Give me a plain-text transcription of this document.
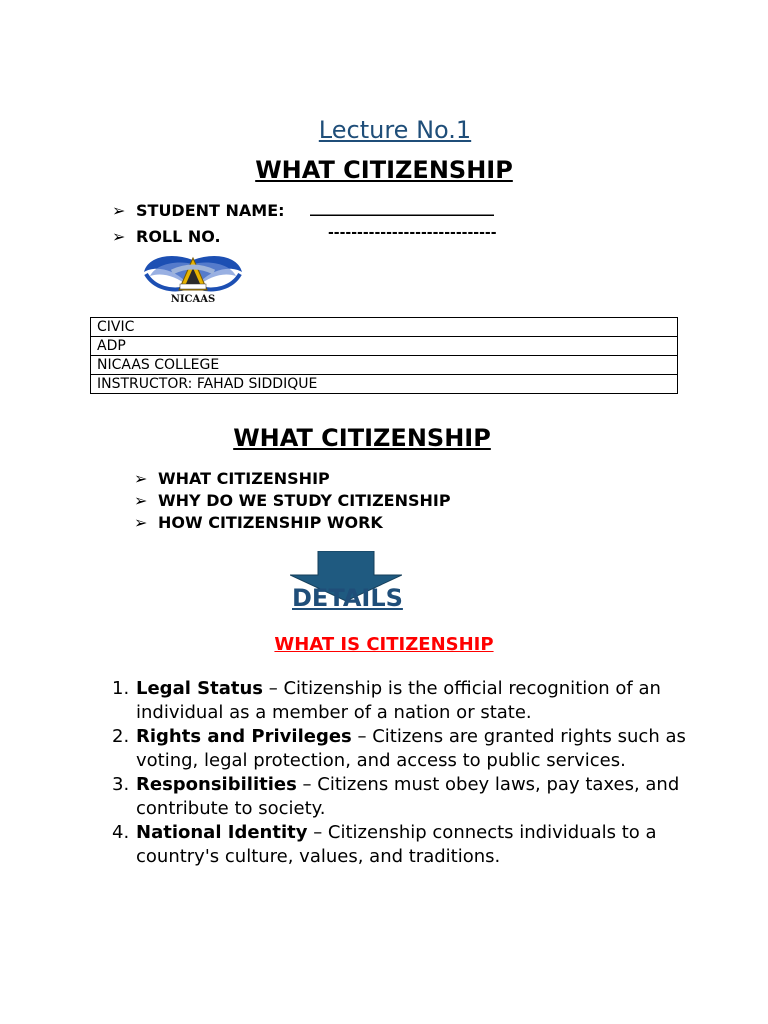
Lecture No.1
WHAT CITIZENSHIP
➢ STUDENT NAME: _______________________
➢ ROLL NO.	-----------------------------
NICAAS
CIVIC
ADP
NICAAS COLLEGE
INSTRUCTOR: FAHAD SIDDIQUE
WHAT CITIZENSHIP
➢ WHAT CITIZENSHIP
➢ WHY DO WE STUDY CITIZENSHIP
➢ HOW CITIZENSHIP WORK
DETAILS
WHAT IS CITIZENSHIP
1. Legal Status – Citizenship is the official recognition of an individual as a member of a nation or state.
2. Rights and Privileges – Citizens are granted rights such as voting, legal protection, and access to public services.
3. Responsibilities – Citizens must obey laws, pay taxes, and contribute to society.
4. National Identity – Citizenship connects individuals to a country's culture, values, and traditions.
